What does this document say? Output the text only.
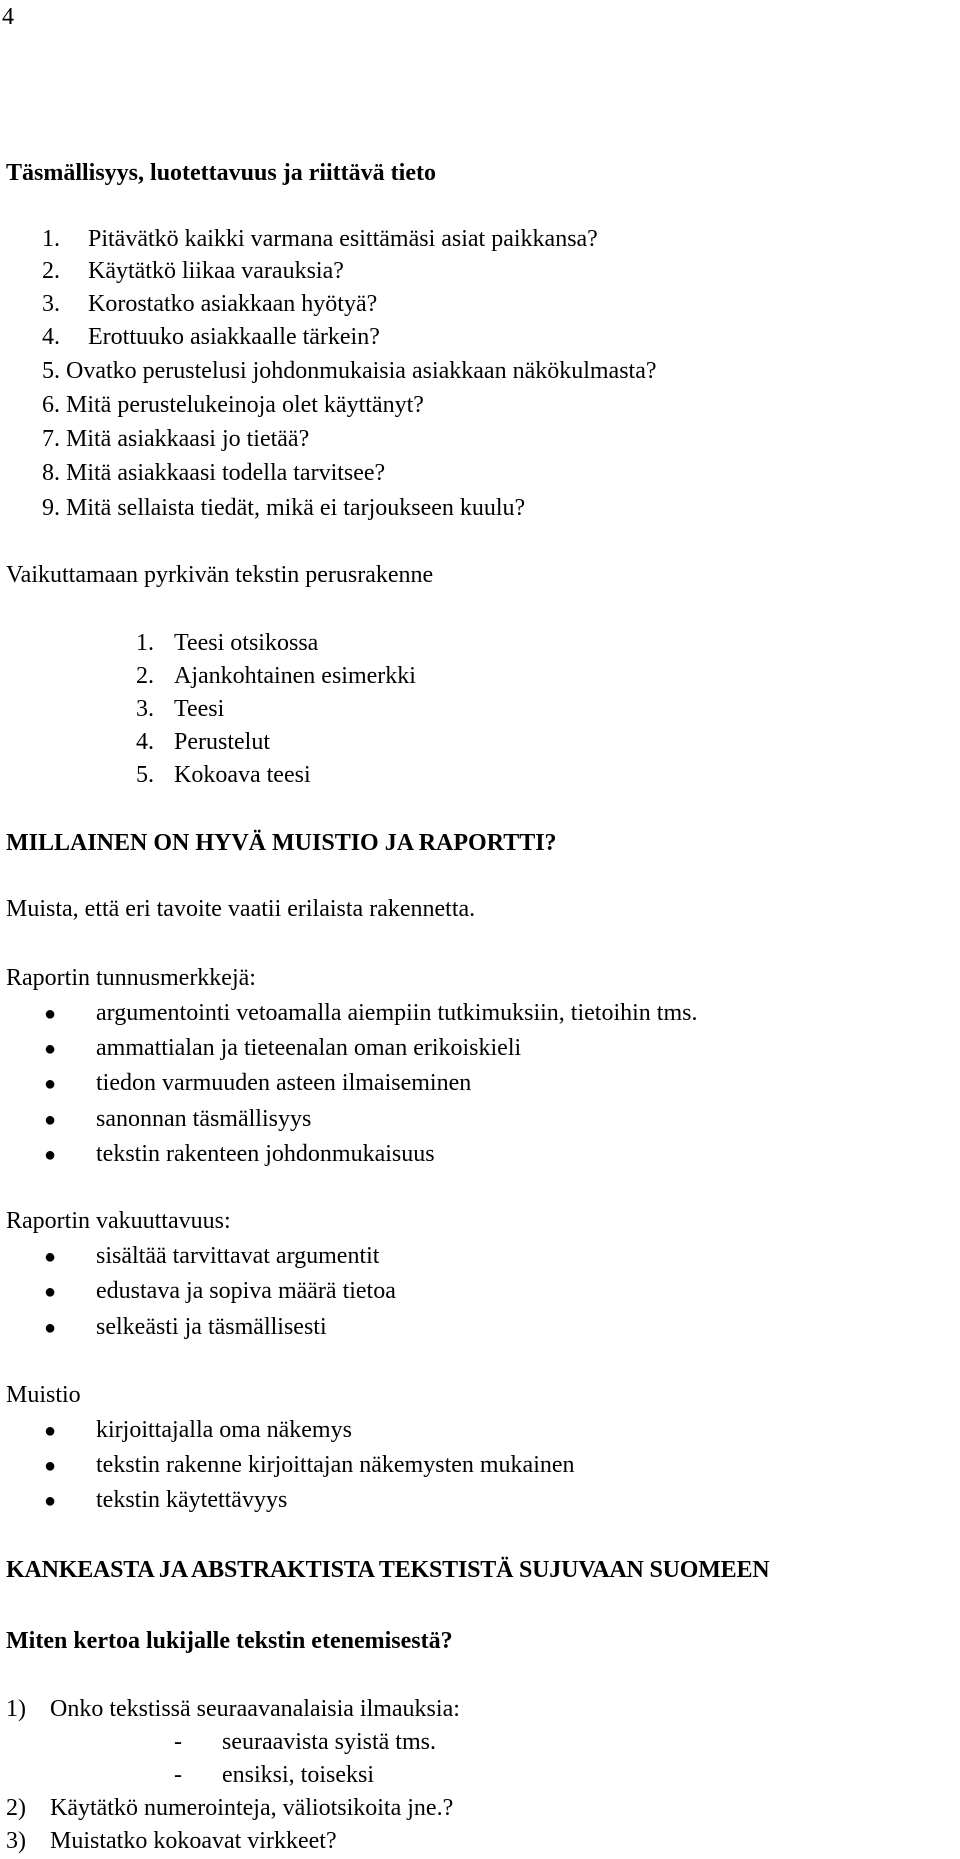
4
Täsmällisyys, luotettavuus ja riittävä tieto
1. Pitävätkö kaikki varmana esittämäsi asiat paikkansa?
2. Käytätkö liikaa varauksia?
3. Korostatko asiakkaan hyötyä?
4. Erottuuko asiakkaalle tärkein?
5. Ovatko perustelusi johdonmukaisia asiakkaan näkökulmasta?
6. Mitä perustelukeinoja olet käyttänyt?
7. Mitä asiakkaasi jo tietää?
8. Mitä asiakkaasi todella tarvitsee?
9. Mitä sellaista tiedät, mikä ei tarjoukseen kuulu?
Vaikuttamaan pyrkivän tekstin perusrakenne
1. Teesi otsikossa
2. Ajankohtainen esimerkki
3. Teesi
4. Perustelut
5. Kokoava teesi
MILLAINEN ON HYVÄ MUISTIO JA RAPORTTI?
Muista, että eri tavoite vaatii erilaista rakennetta.
Raportin tunnusmerkkejä:
● argumentointi vetoamalla aiempiin tutkimuksiin, tietoihin tms.
● ammattialan ja tieteenalan oman erikoiskieli
● tiedon varmuuden asteen ilmaiseminen
● sanonnan täsmällisyys
● tekstin rakenteen johdonmukaisuus
Raportin vakuuttavuus:
● sisältää tarvittavat argumentit
● edustava ja sopiva määrä tietoa
● selkeästi ja täsmällisesti
Muistio
● kirjoittajalla oma näkemys
● tekstin rakenne kirjoittajan näkemysten mukainen
● tekstin käytettävyys
KANKEASTA JA ABSTRAKTISTA TEKSTISTÄ SUJUVAAN SUOMEEN
Miten kertoa lukijalle tekstin etenemisestä?
1) Onko tekstissä seuraavanalaisia ilmauksia:
- seuraavista syistä tms.
- ensiksi, toiseksi
2) Käytätkö numerointeja, väliotsikoita jne.?
3) Muistatko kokoavat virkkeet?
